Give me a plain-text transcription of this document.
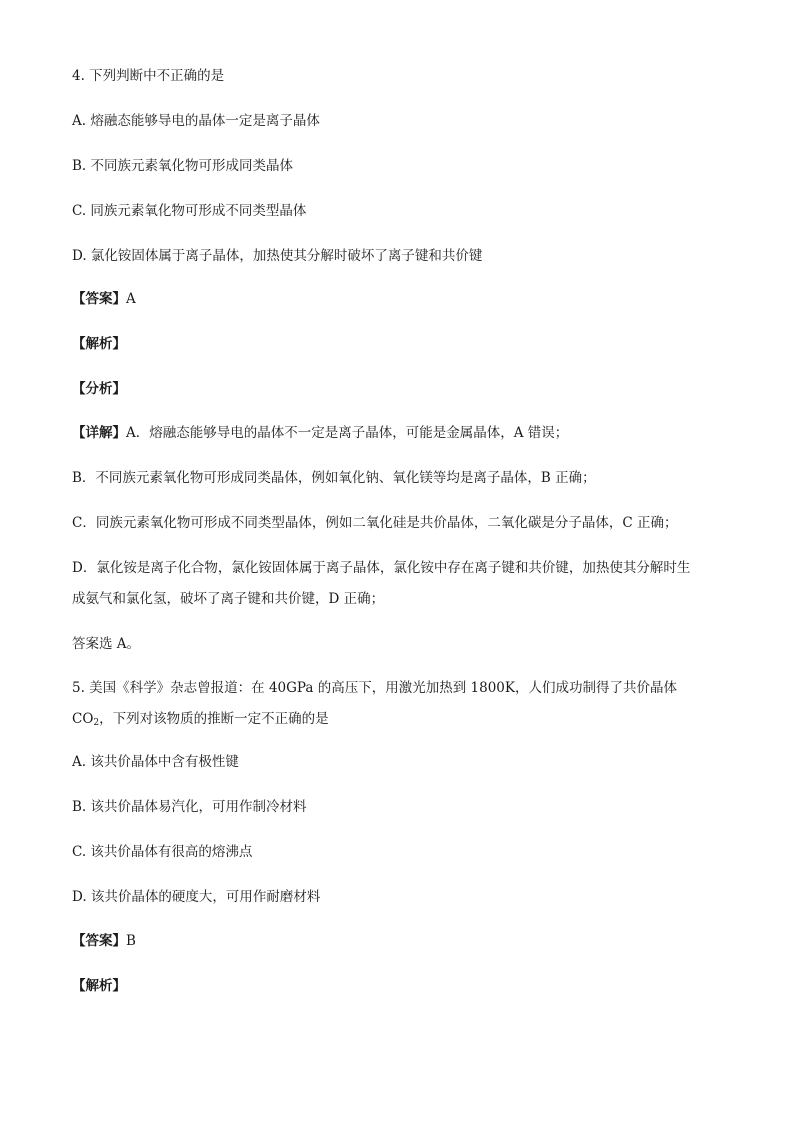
4. 下列判断中不正确的是
A. 熔融态能够导电的晶体一定是离子晶体
B. 不同族元素氧化物可形成同类晶体
C. 同族元素氧化物可形成不同类型晶体
D. 氯化铵固体属于离子晶体，加热使其分解时破坏了离子键和共价键
【答案】A
【解析】
【分析】
【详解】A．熔融态能够导电的晶体不一定是离子晶体，可能是金属晶体，A 错误；
B．不同族元素氧化物可形成同类晶体，例如氧化钠、氧化镁等均是离子晶体，B 正确；
C．同族元素氧化物可形成不同类型晶体，例如二氧化硅是共价晶体，二氧化碳是分子晶体，C 正确；
D．氯化铵是离子化合物，氯化铵固体属于离子晶体，氯化铵中存在离子键和共价键，加热使其分解时生
成氨气和氯化氢，破坏了离子键和共价键，D 正确；
答案选 A。
5. 美国《科学》杂志曾报道：在 40GPa 的高压下，用激光加热到 1800K，人们成功制得了共价晶体
$CO_2$，下列对该物质的推断一定不正确的是
A. 该共价晶体中含有极性键
B. 该共价晶体易汽化，可用作制冷材料
C. 该共价晶体有很高的熔沸点
D. 该共价晶体的硬度大，可用作耐磨材料
【答案】B
【解析】
